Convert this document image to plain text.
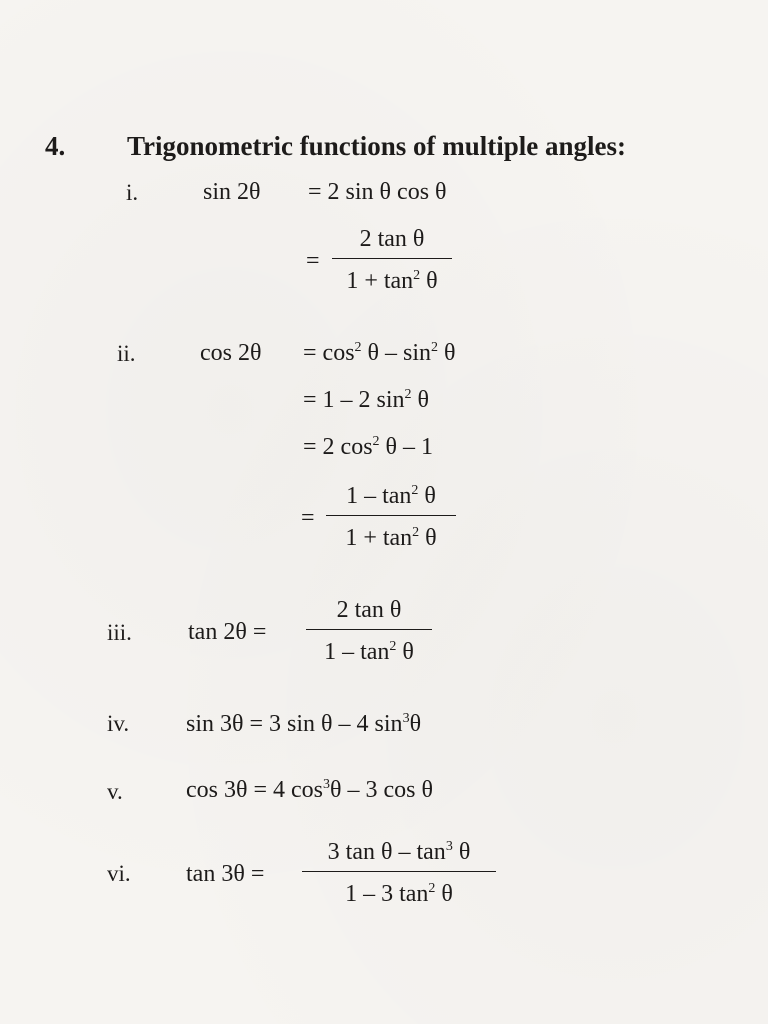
4. Trigonometric functions of multiple angles:
i.	sin 2θ = 2 sin θ cos θ
=
2 tan θ
$1 + \tan^2 \theta$
ii.	$\cos 2\theta = \cos^2 \theta - \sin^2 \theta$
= 1 – 2 $\sin^2 \theta$
= 2 $\cos^2 \theta - 1$
=
$1 - \tan^2 \theta$
$1 + \tan^2 \theta$
iii. tan 2θ =
2 tan θ
$1 - \tan^2 \theta$
iv. sin 3θ = 3 sin θ – 4 $\sin^3\theta$
v.	cos 3θ = 4 $\cos^3\theta - 3$ cos θ
vi. tan 3θ =
3 tan θ – $\tan^3 \theta$
1 – 3 $\tan^2 \theta$
